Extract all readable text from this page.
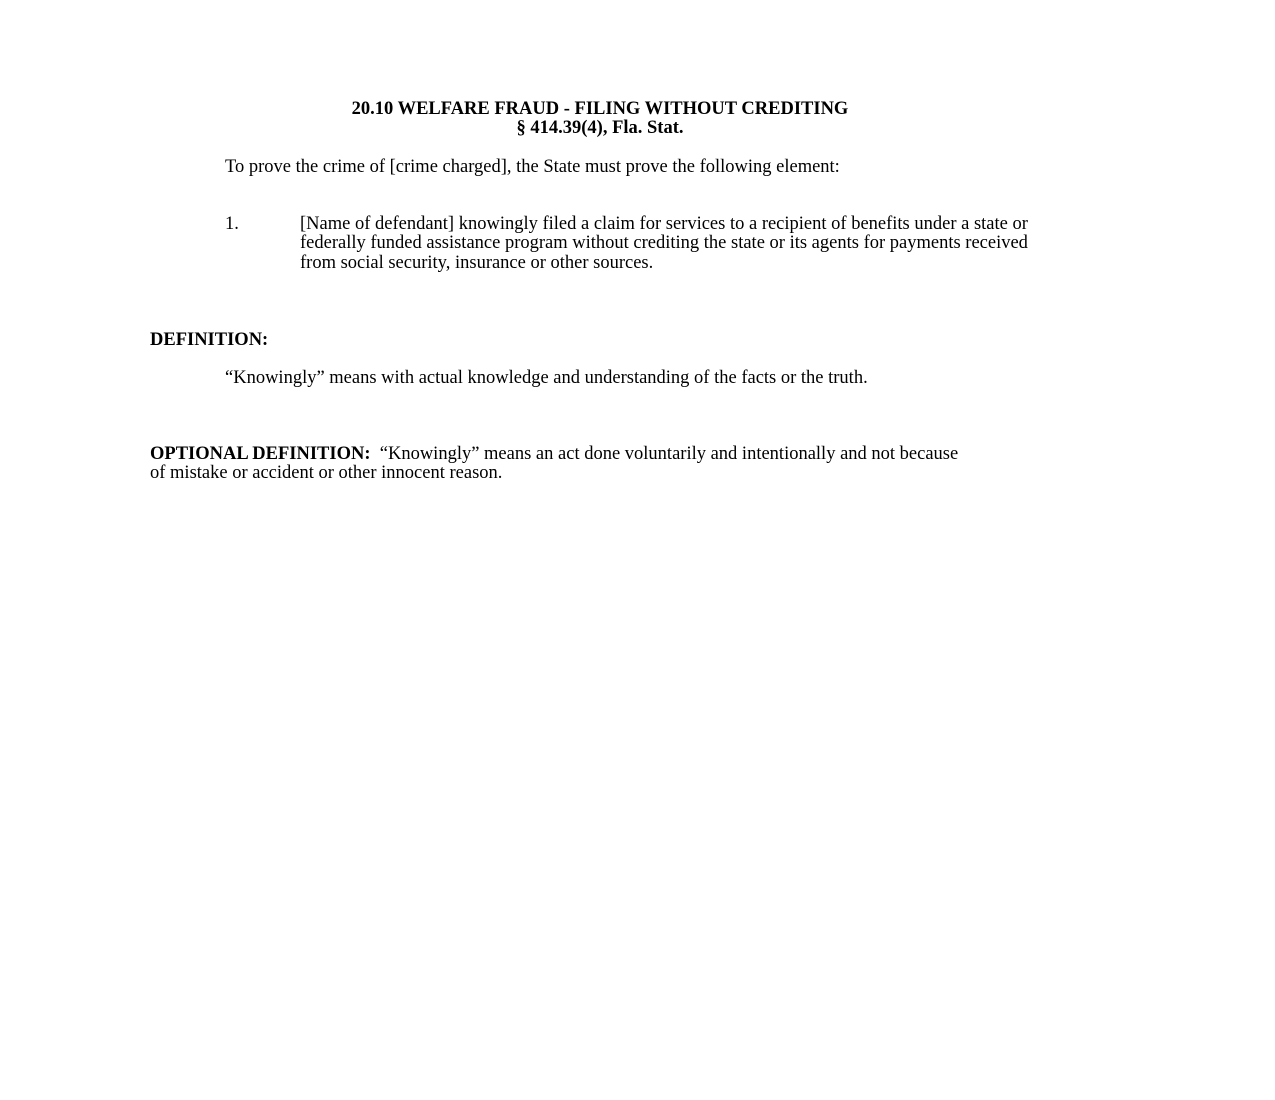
20.10 WELFARE FRAUD - FILING WITHOUT CREDITING
§ 414.39(4), Fla. Stat.

To prove the crime of [crime charged], the State must prove the following element:

1.	[Name of defendant] knowingly filed a claim for services to a recipient of benefits under a state or federally funded assistance program without crediting the state or its agents for payments received from social security, insurance or other sources.

DEFINITION:

“Knowingly” means with actual knowledge and understanding of the facts or the truth.

OPTIONAL DEFINITION: “Knowingly” means an act done voluntarily and intentionally and not because of mistake or accident or other innocent reason.
